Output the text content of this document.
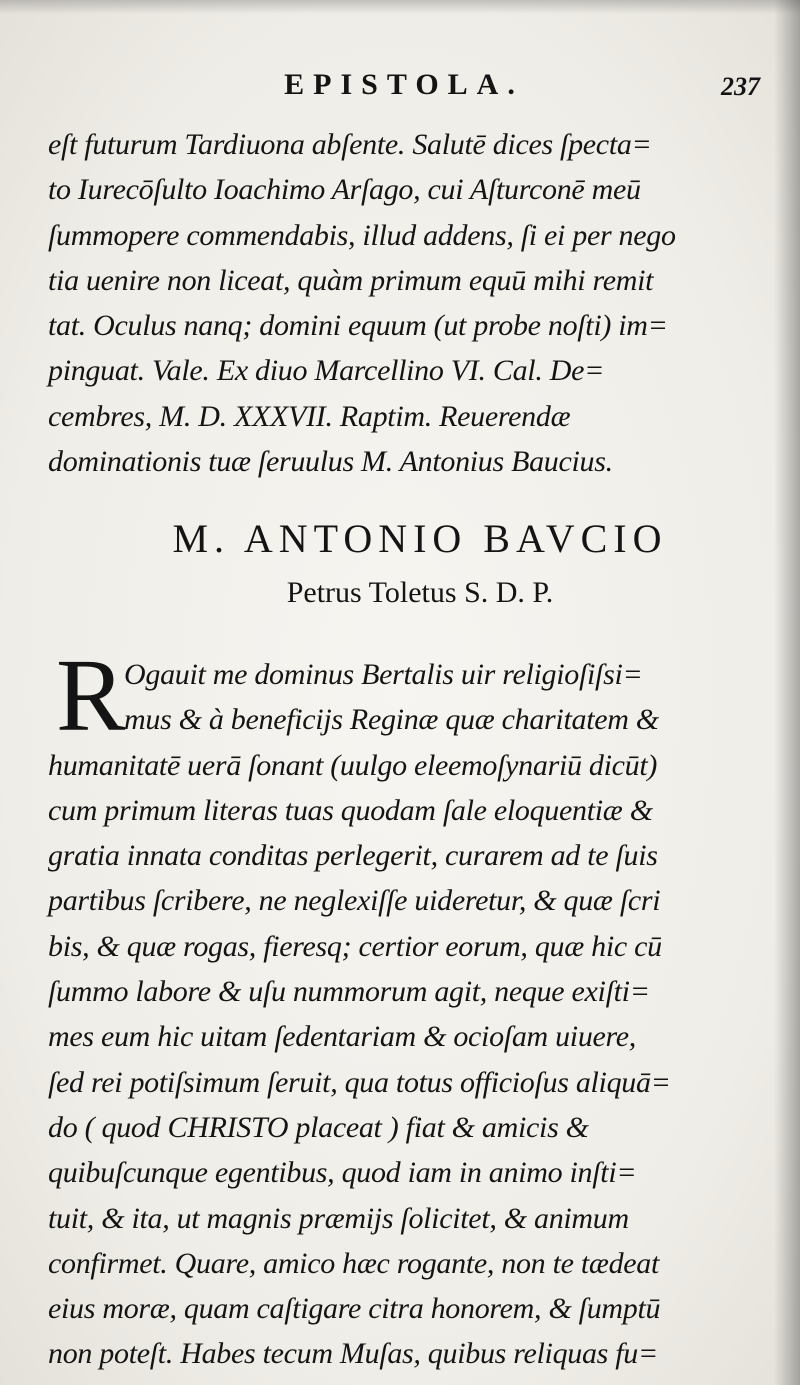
EPISTOLA.	237
eſt futurum Tardiuona abſente. Salutē dices ſpecta=
to Iurecōſulto Ioachimo Arſago, cui Aſturconē meū
ſummopere commendabis, illud addens, ſi ei per nego
tia uenire non liceat, quàm primum equū mihi remit
tat. Oculus nanq; domini equum (ut probe noſti) im=
pinguat. Vale. Ex diuo Marcellino VI. Cal. De=
cembres, M. D. XXXVII. Raptim. Reuerendæ
dominationis tuæ ſeruulus M. Antonius Baucius.
M. ANTONIO BAVCIO
Petrus Toletus S. D. P.
R
Ogauit me dominus Bertalis uir religioſiſsi=
mus & à beneficijs Reginæ quæ charitatem &
humanitatē uerā ſonant (uulgo eleemoſynariū dicūt)
cum primum literas tuas quodam ſale eloquentiæ &
gratia innata conditas perlegerit, curarem ad te ſuis
partibus ſcribere, ne neglexiſſe uideretur, & quæ ſcri
bis, & quæ rogas, fieresq; certior eorum, quæ hic cū
ſummo labore & uſu nummorum agit, neque exiſti=
mes eum hic uitam ſedentariam & ocioſam uiuere,
ſed rei potiſsimum ſeruit, qua totus officioſus aliquā=
do ( quod CHRISTO placeat ) fiat & amicis &
quibuſcunque egentibus, quod iam in animo inſti=
tuit, & ita, ut magnis præmijs ſolicitet, & animum
confirmet. Quare, amico hæc rogante, non te tædeat
eius moræ, quam caſtigare citra honorem, & ſumptū
non poteſt. Habes tecum Muſas, quibus reliquas fu=
